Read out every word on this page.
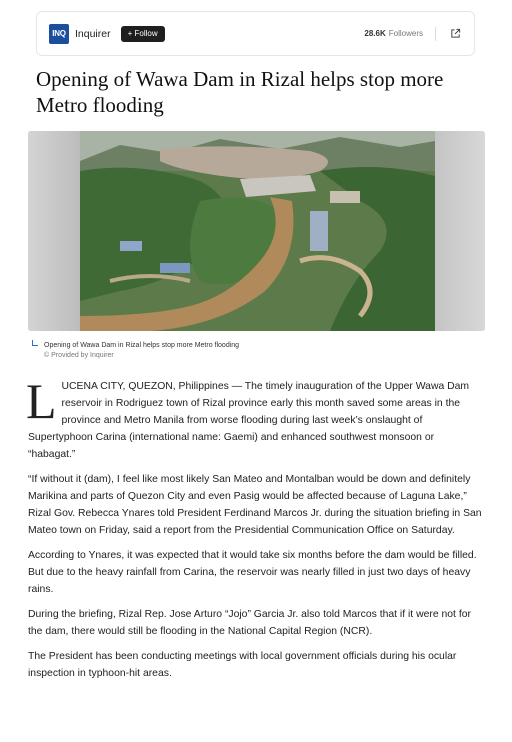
INQ Inquirer + Follow	28.6K Followers
Opening of Wawa Dam in Rizal helps stop more Metro flooding
Opening of Wawa Dam in Rizal helps stop more Metro flooding
© Provided by Inquirer

LUCENA CITY, QUEZON, Philippines — The timely inauguration of the Upper Wawa Dam reservoir in Rodriguez town of Rizal province early this month saved some areas in the province and Metro Manila from worse flooding during last week’s onslaught of Supertyphoon Carina (international name: Gaemi) and enhanced southwest monsoon or “habagat.”

“If without it (dam), I feel like most likely San Mateo and Montalban would be down and definitely Marikina and parts of Quezon City and even Pasig would be affected because of Laguna Lake,” Rizal Gov. Rebecca Ynares told President Ferdinand Marcos Jr. during the situation briefing in San Mateo town on Friday, said a report from the Presidential Communication Office on Saturday.

According to Ynares, it was expected that it would take six months before the dam would be filled. But due to the heavy rainfall from Carina, the reservoir was nearly filled in just two days of heavy rains.

During the briefing, Rizal Rep. Jose Arturo “Jojo” Garcia Jr. also told Marcos that if it were not for the dam, there would still be flooding in the National Capital Region (NCR).

The President has been conducting meetings with local government officials during his ocular inspection in typhoon-hit areas.
